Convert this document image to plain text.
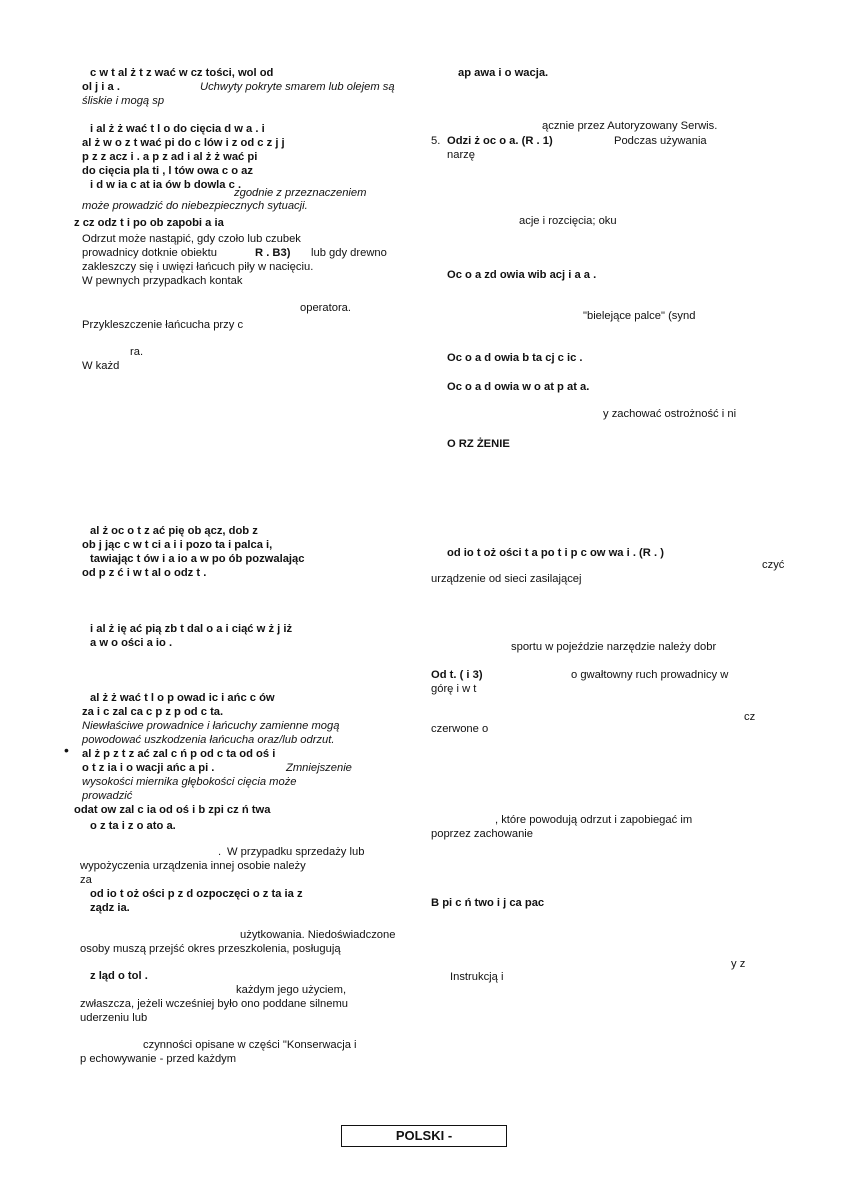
c w t al ż t z wać w cz tości, wol od
ol j i a .	Uchwyty pokryte smarem lub olejem są
śliskie i mogą sp
i al ż ż wać t l o do cięcia d w a . i
al ż w o z t wać pi do c lów i z od c z j j
p z z acz i . a p z ad i al ż ż wać pi
do cięcia pla ti , l tów owa c o az
i d w ia c at ia ów b dowla c .
zgodnie z przeznaczeniem
może prowadzić do niebezpiecznych sytuacji.
z cz odz t i po ob zapobi a ia
Odrzut może nastąpić, gdy czoło lub czubek
prowadnicy dotknie obiektu	R . B3) lub gdy drewno
zakleszczy się i uwięzi łańcuch piły w nacięciu.
W pewnych przypadkach kontak
operatora.
Przykleszczenie łańcucha przy c
ra.
W każd
al ż oc o t z ać pię ob ącz, dob z
ob j jąc c w t ci a i i pozo ta i palca i,
tawiając t ów i a io a w po ób pozwalając
od p z ć i w t al o odz t .
i al ż ię ać pią zb t dal o a i ciąć w ż j iż
a w o ości a io .
al ż ż wać t l o p owad ic i ańc c ów
za i c zal ca c p z p od c ta.
Niewłaściwe prowadnice i łańcuchy zamienne mogą
powodować uszkodzenia łańcucha oraz/lub odrzut.
• al ż p z t z ać zal c ń p od c ta od oś i
o t z ia i o wacji ańc a pi .	Zmniejszenie
wysokości miernika głębokości cięcia może
prowadzić
odat ow zal c ia od oś i b zpi cz ń twa
o z ta i z o ato a.
. W przypadku sprzedaży lub
wypożyczenia urządzenia innej osobie należy
za
od io t oż ości p z d ozpoczęci o z ta ia z
ządz ia.
użytkowania. Niedoświadczone
osoby muszą przejść okres przeszkolenia, posługują
z ląd o tol .
każdym jego użyciem,
zwłaszcza, jeżeli wcześniej było ono poddane silnemu
uderzeniu lub
czynności opisane w części "Konserwacja i
p echowywanie - przed każdym
ap awa i o wacja.
ącznie przez Autoryzowany Serwis.
5. Odzi ż oc o a. (R . 1)	Podczas używania
narzę
acje i rozcięcia; oku
Oc o a zd owia wib acj i a a .
"bielejące palce" (synd
Oc o a d owia b ta cj c ic .
Oc o a d owia w o at p at a.
y zachować ostrożność i ni
O RZ ŻENIE
od io t oż ości t a po t i p c ow wa i . (R . )
czyć
urządzenie od sieci zasilającej
sportu w pojeździe narzędzie należy dobr
Od t. ( i 3)	o gwałtowny ruch prowadnicy w
górę i w t
cz
czerwone o
, które powodują odrzut i zapobiegać im
poprzez zachowanie
B pi c ń two i j ca pac
y z
Instrukcją i
POLSKI -
